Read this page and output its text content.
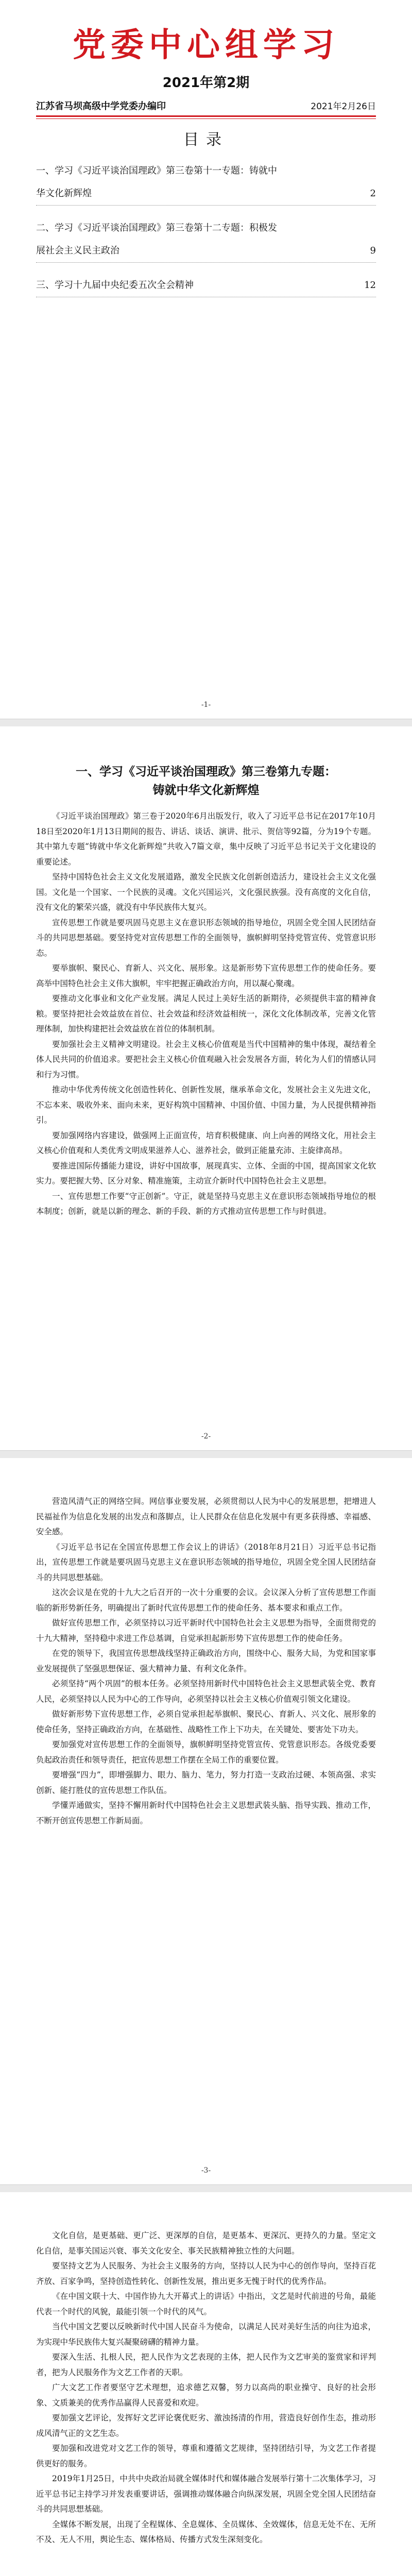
党委中心组学习
2021年第2期
江苏省马坝高级中学党委办编印	2021年2月26日
目录
一、学习《习近平谈治国理政》第三卷第十一专题：铸就中
华文化新辉煌	2
二、学习《习近平谈治国理政》第三卷第十二专题：积极发
展社会主义民主政治	9
三、学习十九届中央纪委五次全会精神	12
-1-
一、学习《习近平谈治国理政》第三卷第九专题：
铸就中华文化新辉煌

《习近平谈治国理政》第三卷于2020年6月出版发行，收入了习近平总书记在2017年10月18日至2020年1月13日期间的报告、讲话、谈话、演讲、批示、贺信等92篇，分为19个专题。其中第九专题“铸就中华文化新辉煌”共收入7篇文章，集中反映了习近平总书记关于文化建设的重要论述。

坚持中国特色社会主义文化发展道路，激发全民族文化创新创造活力，建设社会主义文化强国。文化是一个国家、一个民族的灵魂。文化兴国运兴，文化强民族强。没有高度的文化自信，没有文化的繁荣兴盛，就没有中华民族伟大复兴。

宣传思想工作就是要巩固马克思主义在意识形态领域的指导地位，巩固全党全国人民团结奋斗的共同思想基础。要坚持党对宣传思想工作的全面领导，旗帜鲜明坚持党管宣传、党管意识形态。

要举旗帜、聚民心、育新人、兴文化、展形象。这是新形势下宣传思想工作的使命任务。要高举中国特色社会主义伟大旗帜，牢牢把握正确政治方向，用以凝心聚魂。

要推动文化事业和文化产业发展。满足人民过上美好生活的新期待，必须提供丰富的精神食粮。要坚持把社会效益放在首位、社会效益和经济效益相统一，深化文化体制改革，完善文化管理体制，加快构建把社会效益放在首位的体制机制。

要加强社会主义精神文明建设。社会主义核心价值观是当代中国精神的集中体现，凝结着全体人民共同的价值追求。要把社会主义核心价值观融入社会发展各方面，转化为人们的情感认同和行为习惯。

推动中华优秀传统文化创造性转化、创新性发展，继承革命文化，发展社会主义先进文化，不忘本来、吸收外来、面向未来，更好构筑中国精神、中国价值、中国力量，为人民提供精神指引。

要加强网络内容建设，做强网上正面宣传，培育积极健康、向上向善的网络文化，用社会主义核心价值观和人类优秀文明成果滋养人心、滋养社会，做到正能量充沛、主旋律高昂。

要推进国际传播能力建设，讲好中国故事，展现真实、立体、全面的中国，提高国家文化软实力。要把握大势、区分对象、精准施策，主动宣介新时代中国特色社会主义思想。

一、宣传思想工作要“守正创新”。守正，就是坚持马克思主义在意识形态领域指导地位的根本制度；创新，就是以新的理念、新的手段、新的方式推动宣传思想工作与时俱进。

-2-

营造风清气正的网络空间。网信事业要发展，必须贯彻以人民为中心的发展思想，把增进人民福祉作为信息化发展的出发点和落脚点，让人民群众在信息化发展中有更多获得感、幸福感、安全感。

《习近平总书记在全国宣传思想工作会议上的讲话》（2018年8月21日）习近平总书记指出，宣传思想工作就是要巩固马克思主义在意识形态领域的指导地位，巩固全党全国人民团结奋斗的共同思想基础。

这次会议是在党的十九大之后召开的一次十分重要的会议。会议深入分析了宣传思想工作面临的新形势新任务，明确提出了新时代宣传思想工作的使命任务、基本要求和重点工作。

做好宣传思想工作，必须坚持以习近平新时代中国特色社会主义思想为指导，全面贯彻党的十九大精神，坚持稳中求进工作总基调，自觉承担起新形势下宣传思想工作的使命任务。

在党的领导下，我国宣传思想战线坚持正确政治方向，围绕中心、服务大局，为党和国家事业发展提供了坚强思想保证、强大精神力量、有利文化条件。

必须坚持“两个巩固”的根本任务。必须坚持用新时代中国特色社会主义思想武装全党、教育人民，必须坚持以人民为中心的工作导向，必须坚持以社会主义核心价值观引领文化建设。

做好新形势下宣传思想工作，必须自觉承担起举旗帜、聚民心、育新人、兴文化、展形象的使命任务，坚持正确政治方向，在基础性、战略性工作上下功夫，在关键处、要害处下功夫。

要加强党对宣传思想工作的全面领导，旗帜鲜明坚持党管宣传、党管意识形态。各级党委要负起政治责任和领导责任，把宣传思想工作摆在全局工作的重要位置。

要增强“四力”，即增强脚力、眼力、脑力、笔力，努力打造一支政治过硬、本领高强、求实创新、能打胜仗的宣传思想工作队伍。

学懂弄通做实，坚持不懈用新时代中国特色社会主义思想武装头脑、指导实践、推动工作，不断开创宣传思想工作新局面。

-3-

文化自信，是更基础、更广泛、更深厚的自信，是更基本、更深沉、更持久的力量。坚定文化自信，是事关国运兴衰、事关文化安全、事关民族精神独立性的大问题。

要坚持文艺为人民服务、为社会主义服务的方向，坚持以人民为中心的创作导向，坚持百花齐放、百家争鸣，坚持创造性转化、创新性发展，推出更多无愧于时代的优秀作品。

《在中国文联十大、中国作协九大开幕式上的讲话》中指出，文艺是时代前进的号角，最能代表一个时代的风貌，最能引领一个时代的风气。

当代中国文艺要以反映新时代中国人民奋斗为使命，以满足人民对美好生活的向往为追求，为实现中华民族伟大复兴凝聚磅礴的精神力量。

要深入生活、扎根人民，把人民作为文艺表现的主体，把人民作为文艺审美的鉴赏家和评判者，把为人民服务作为文艺工作者的天职。

广大文艺工作者要坚守艺术理想，追求德艺双馨，努力以高尚的职业操守、良好的社会形象、文质兼美的优秀作品赢得人民喜爱和欢迎。

要加强文艺评论，发挥好文艺评论褒优贬劣、激浊扬清的作用，营造良好创作生态，推动形成风清气正的文艺生态。

要加强和改进党对文艺工作的领导，尊重和遵循文艺规律，坚持团结引导，为文艺工作者提供更好的服务。

2019年1月25日，中共中央政治局就全媒体时代和媒体融合发展举行第十二次集体学习，习近平总书记主持学习并发表重要讲话，强调推动媒体融合向纵深发展，巩固全党全国人民团结奋斗的共同思想基础。

全媒体不断发展，出现了全程媒体、全息媒体、全员媒体、全效媒体，信息无处不在、无所不及、无人不用，舆论生态、媒体格局、传播方式发生深刻变化。
